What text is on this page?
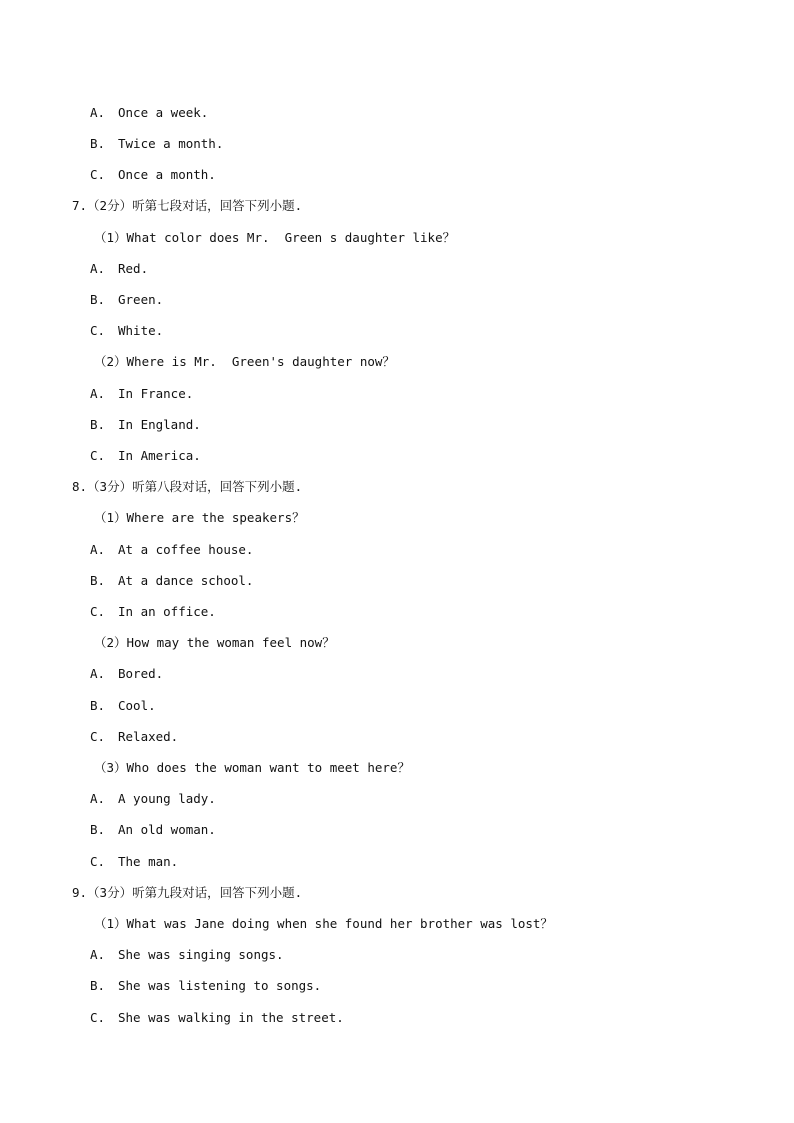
A. Once a week.
B. Twice a month.
C. Once a month.
7.（2分）听第七段对话，回答下列小题.
（1）What color does Mr.  Green s daughter like？
A. Red.
B. Green.
C. White.
（2）Where is Mr.  Green's daughter now？
A. In France.
B. In England.
C. In America.
8.（3分）听第八段对话，回答下列小题.
（1）Where are the speakers？
A. At a coffee house.
B. At a dance school.
C. In an office.
（2）How may the woman feel now？
A. Bored.
B. Cool.
C. Relaxed.
（3）Who does the woman want to meet here？
A. A young lady.
B. An old woman.
C. The man.
9.（3分）听第九段对话，回答下列小题.
（1）What was Jane doing when she found her brother was lost？
A. She was singing songs.
B. She was listening to songs.
C. She was walking in the street.
